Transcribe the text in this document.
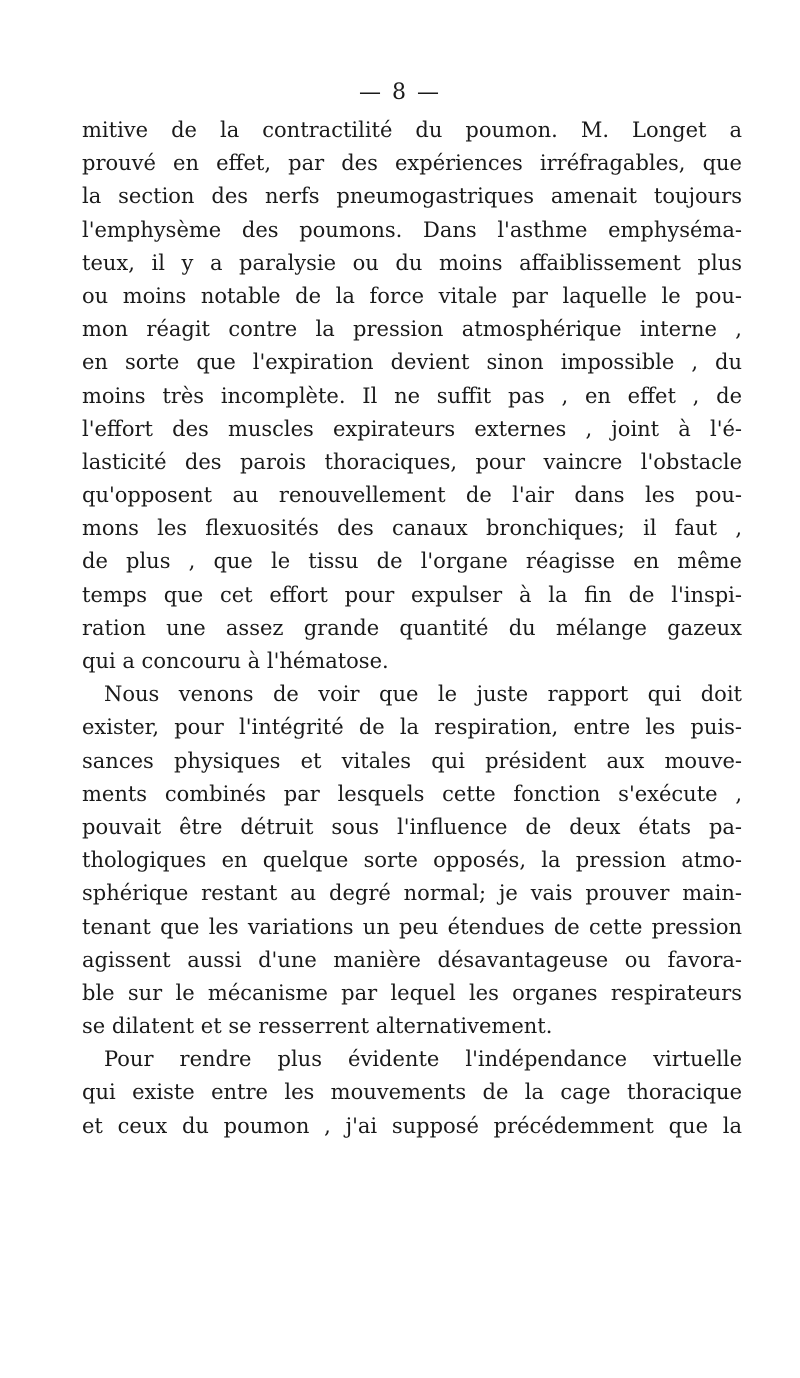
— 8 —
mitive de la contractilité du poumon. M. Longet a
prouvé en effet, par des expériences irréfragables, que
la section des nerfs pneumogastriques amenait toujours
l'emphysème des poumons. Dans l'asthme emphyséma-
teux, il y a paralysie ou du moins affaiblissement plus
ou moins notable de la force vitale par laquelle le pou-
mon réagit contre la pression atmosphérique interne ,
en sorte que l'expiration devient sinon impossible , du
moins très incomplète. Il ne suffit pas , en effet , de
l'effort des muscles expirateurs externes , joint à l'é-
lasticité des parois thoraciques, pour vaincre l'obstacle
qu'opposent au renouvellement de l'air dans les pou-
mons les flexuosités des canaux bronchiques; il faut ,
de plus , que le tissu de l'organe réagisse en même
temps que cet effort pour expulser à la fin de l'inspi-
ration une assez grande quantité du mélange gazeux
qui a concouru à l'hématose.
Nous venons de voir que le juste rapport qui doit
exister, pour l'intégrité de la respiration, entre les puis-
sances physiques et vitales qui président aux mouve-
ments combinés par lesquels cette fonction s'exécute ,
pouvait être détruit sous l'influence de deux états pa-
thologiques en quelque sorte opposés, la pression atmo-
sphérique restant au degré normal; je vais prouver main-
tenant que les variations un peu étendues de cette pression
agissent aussi d'une manière désavantageuse ou favora-
ble sur le mécanisme par lequel les organes respirateurs
se dilatent et se resserrent alternativement.
Pour rendre plus évidente l'indépendance virtuelle
qui existe entre les mouvements de la cage thoracique
et ceux du poumon , j'ai supposé précédemment que la
